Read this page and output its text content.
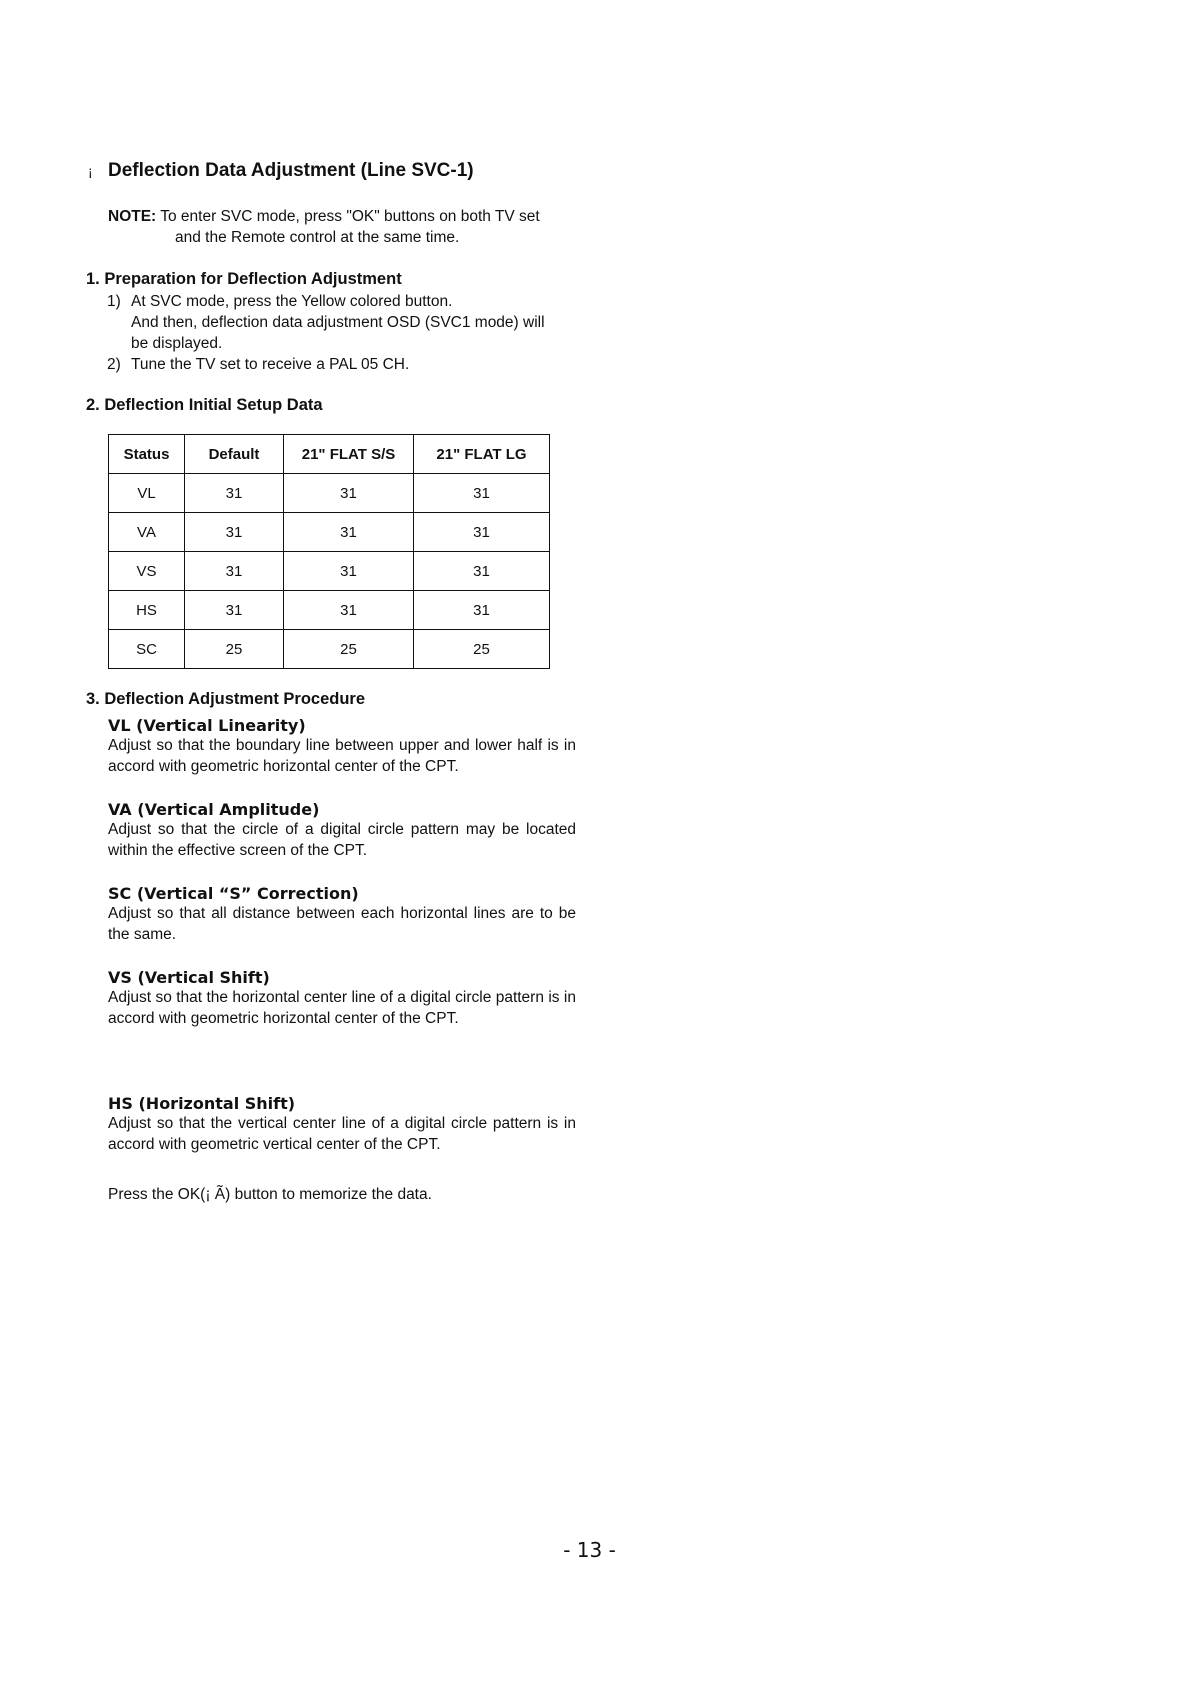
¡ Deflection Data Adjustment (Line SVC-1)
NOTE: To enter SVC mode, press "OK" buttons on both TV set
and the Remote control at the same time.
1. Preparation for Deflection Adjustment
1) At SVC mode, press the Yellow colored button.
And then, deflection data adjustment OSD (SVC1 mode) will
be displayed.
2) Tune the TV set to receive a PAL 05 CH.
2. Deflection Initial Setup Data
Status	Default	21" FLAT S/S	21" FLAT LG
VL	31	31	31
VA	31	31	31
VS	31	31	31
HS	31	31	31
SC	25	25	25
3. Deflection Adjustment Procedure
VL (Vertical Linearity)
Adjust so that the boundary line between upper and lower half is in accord with geometric horizontal center of the CPT.
VA (Vertical Amplitude)
Adjust so that the circle of a digital circle pattern may be located within the effective screen of the CPT.
SC (Vertical “S” Correction)
Adjust so that all distance between each horizontal lines are to be the same.
VS (Vertical Shift)
Adjust so that the horizontal center line of a digital circle pattern is in accord with geometric horizontal center of the CPT.
HS (Horizontal Shift)
Adjust so that the vertical center line of a digital circle pattern is in accord with geometric vertical center of the CPT.
Press the OK(¡ Ã) button to memorize the data.
- 13 -
